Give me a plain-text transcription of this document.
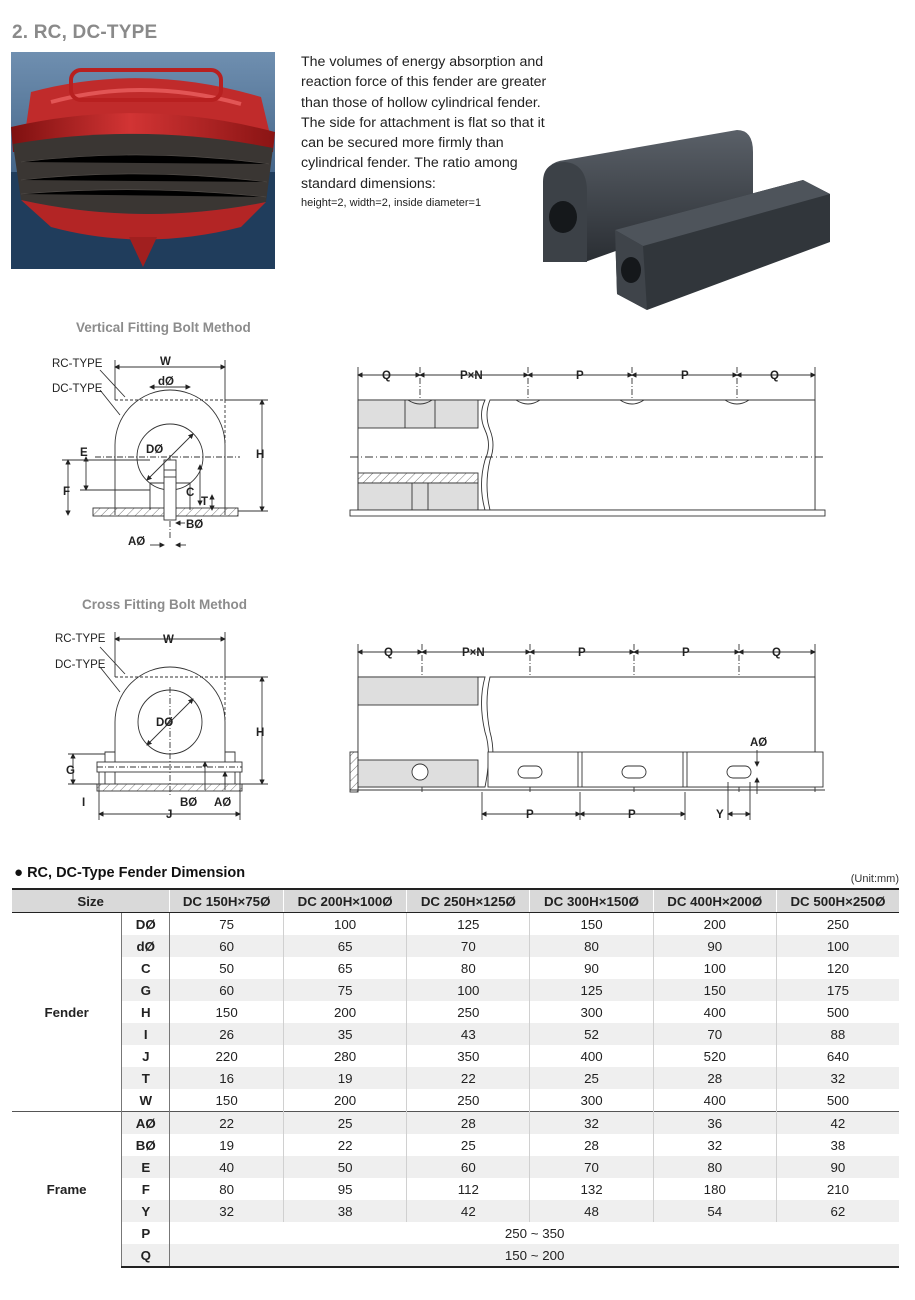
2. RC, DC-TYPE
The volumes of energy absorption and
reaction force of this fender are greater
than those of hollow cylindrical fender.
The side for attachment is flat so that it
can be secured more firmly than
cylindrical fender. The ratio among
standard dimensions:
height=2, width=2, inside diameter=1
Vertical Fitting Bolt Method
RC-TYPE
DC-TYPE
W
dØ
DØ
E
F
H
C
T
BØ
AØ
Q	P×N	P	P	Q
Cross Fitting Bolt Method
RC-TYPE
DC-TYPE
W
DØ
H
G
I	BØ AØ
J
Q	P×N	P	P	Q
AØ
P	P	Y
● RC, DC-Type Fender Dimension	(Unit:mm)
Size		DC 150H×75Ø	DC 200H×100Ø	DC 250H×125Ø	DC 300H×150Ø	DC 400H×200Ø	DC 500H×250Ø
Fender	DØ	75	100	125	150	200	250
	dØ	60	65	70	80	90	100
	C	50	65	80	90	100	120
	G	60	75	100	125	150	175
	H	150	200	250	300	400	500
	I	26	35	43	52	70	88
	J	220	280	350	400	520	640
	T	16	19	22	25	28	32
	W	150	200	250	300	400	500
Frame	AØ	22	25	28	32	36	42
	BØ	19	22	25	28	32	38
	E	40	50	60	70	80	90
	F	80	95	112	132	180	210
	Y	32	38	42	48	54	62
	P	250 ~ 350					
	Q	150 ~ 200					
